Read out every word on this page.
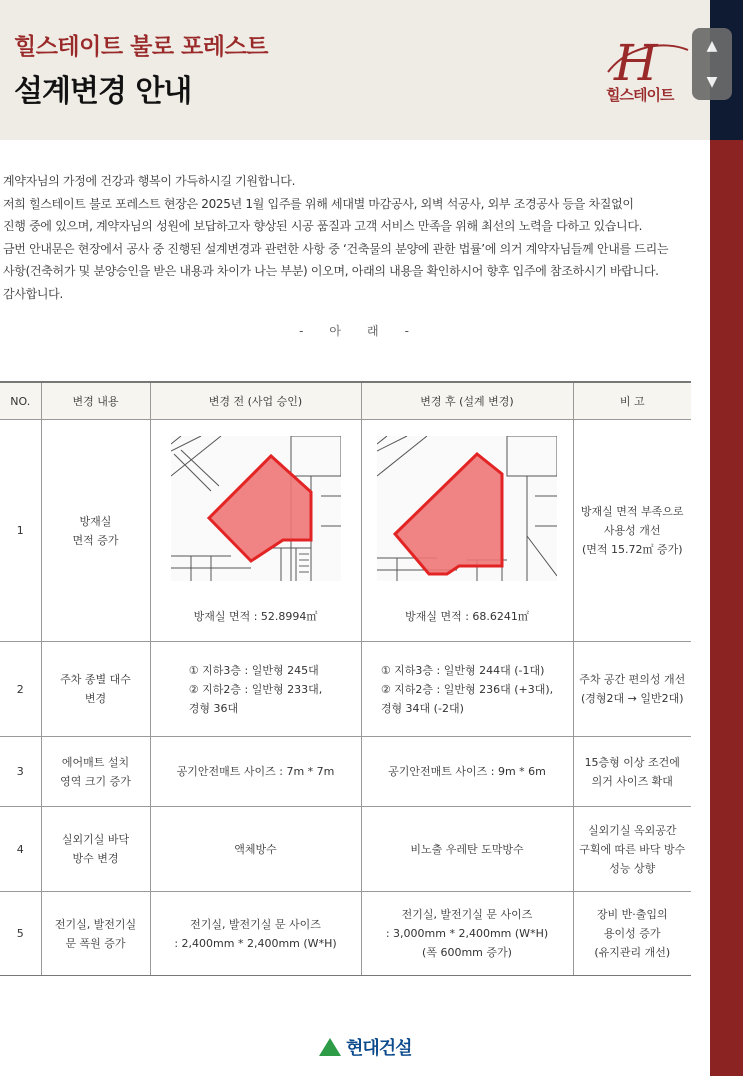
힐스테이트 불로 포레스트
설계변경 안내	H
힐스테이트
▲
▼

계약자님의 가정에 건강과 행복이 가득하시길 기원합니다.

저희 힐스테이트 불로 포레스트 현장은 2025년 1월 입주를 위해 세대별 마감공사, 외벽 석공사, 외부 조경공사 등을 차질없이

진행 중에 있으며, 계약자님의 성원에 보답하고자 향상된 시공 품질과 고객 서비스 만족을 위해 최선의 노력을 다하고 있습니다.

금번 안내문은 현장에서 공사 중 진행된 설계변경과 관련한 사항 중 ‘건축물의 분양에 관한 법률’에 의거 계약자님들께 안내를 드리는

사항(건축허가 및 분양승인을 받은 내용과 차이가 나는 부분) 이오며, 아래의 내용을 확인하시어 향후 입주에 참조하시기 바랍니다.

감사합니다.

- 아 래 -
NO.	변경 내용	변경 전 (사업 승인)	변경 후 (설계 변경)	비 고
1	방재실
면적 증가	방재실 면적 : 52.8994㎡	방재실 면적 : 68.6241㎡	방재실 면적 부족으로
사용성 개선
(면적 15.72㎡ 증가)
2	주차 종별 대수
변경	① 지하3층 : 일반형 245대
② 지하2층 : 일반형 233대,
경형 36대	① 지하3층 : 일반형 244대 (-1대)
② 지하2층 : 일반형 236대 (+3대),
경형 34대 (-2대)	주차 공간 편의성 개선
(경형2대 → 일반2대)
3	에어매트 설치
영역 크기 증가	공기안전매트 사이즈 : 7m * 7m	공기안전매트 사이즈 : 9m * 6m	15층형 이상 조건에
의거 사이즈 확대
4	실외기실 바닥
방수 변경	액체방수	비노출 우레탄 도막방수	실외기실 옥외공간
구획에 따른 바닥 방수
성능 상향
5	전기실, 발전기실
문 폭원 증가	전기실, 발전기실 문 사이즈
: 2,400mm * 2,400mm (W*H)	전기실, 발전기실 문 사이즈
: 3,000mm * 2,400mm (W*H)
(폭 600mm 증가)	장비 반·출입의
용이성 증가
(유지관리 개선)
현대건설
